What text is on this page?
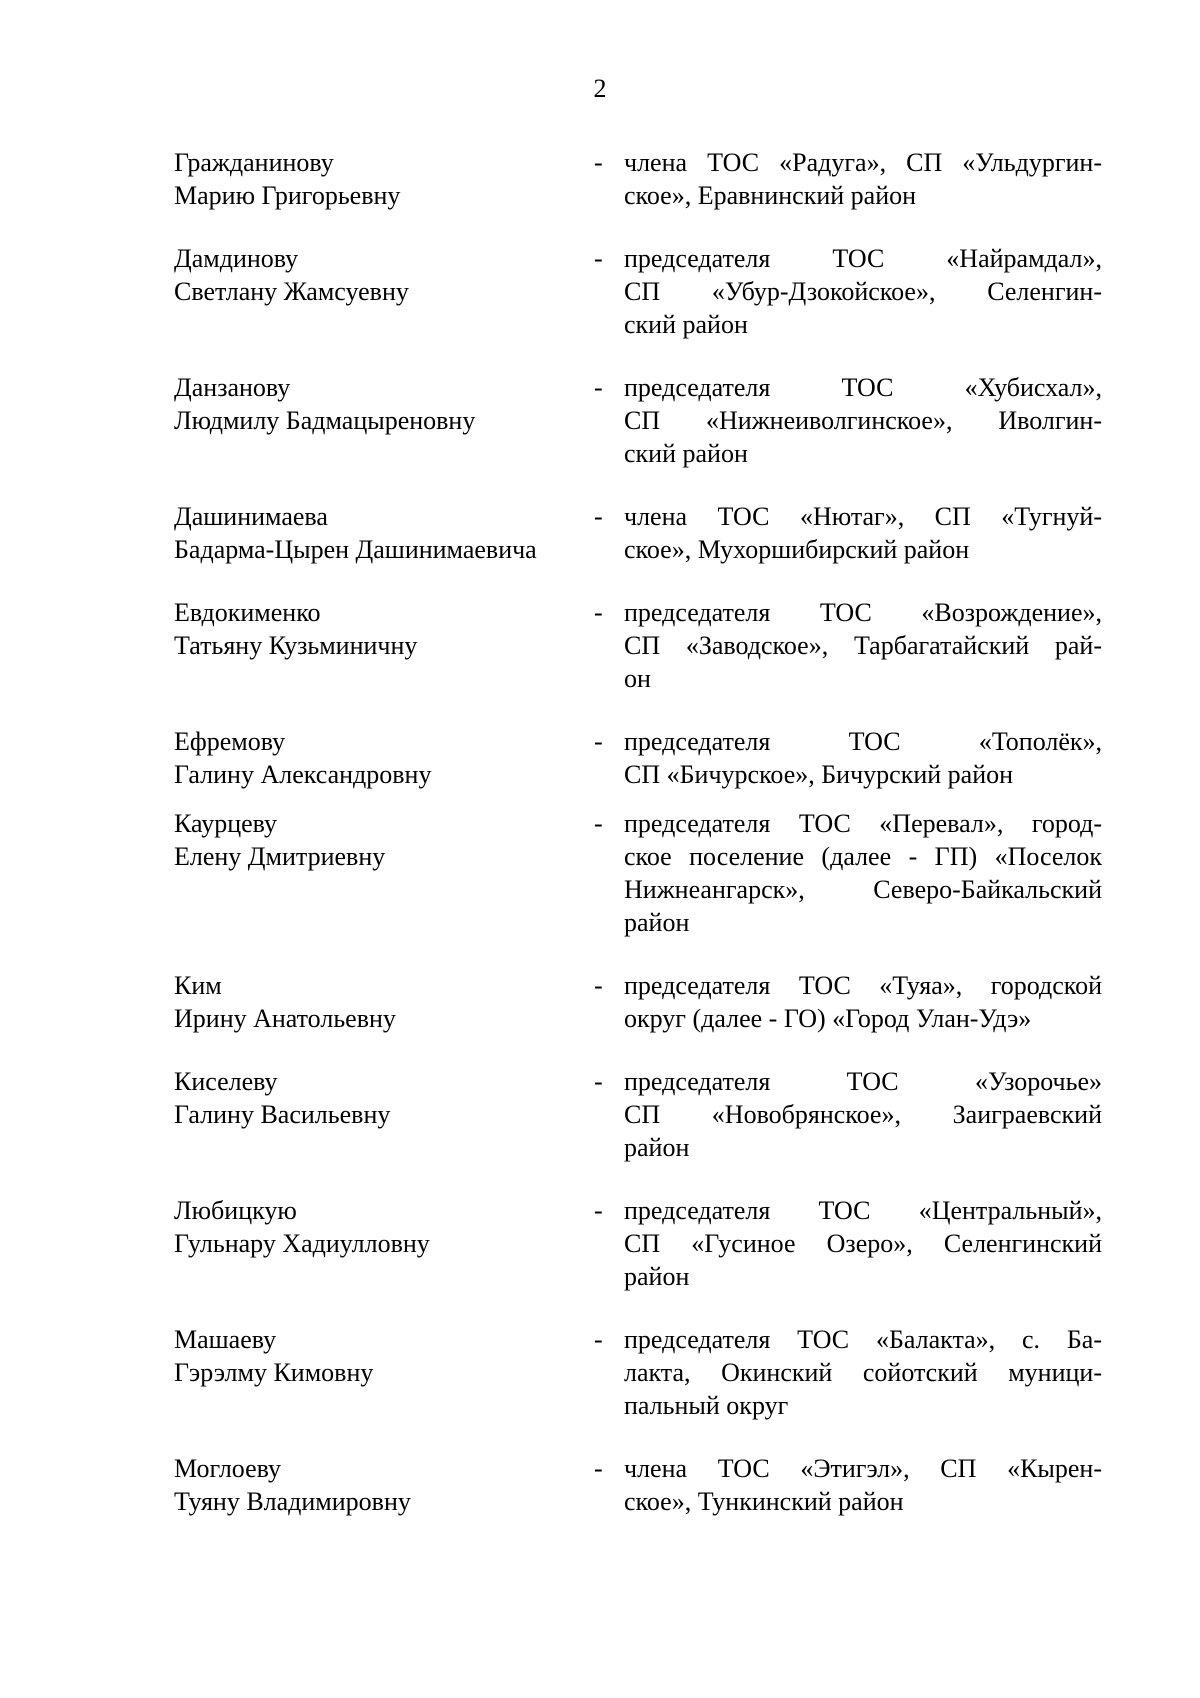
2
Гражданинову
Марию Григорьевну
- члена ТОС «Радуга», СП «Ульдургин-
ское», Еравнинский район
Дамдинову
Светлану Жамсуевну
- председателя ТОС «Найрамдал»,
СП «Убур-Дзокойское», Селенгин-
ский район
Данзанову
Людмилу Бадмацыреновну
- председателя ТОС «Хубисхал»,
СП «Нижнеиволгинское», Иволгин-
ский район
Дашинимаева
Бадарма-Цырен Дашинимаевича
- члена ТОС «Нютаг», СП «Тугнуй-
ское», Мухоршибирский район
Евдокименко
Татьяну Кузьминичну
- председателя ТОС «Возрождение»,
СП «Заводское», Тарбагатайский рай-
он
Ефремову
Галину Александровну
- председателя ТОС «Тополёк»,
СП «Бичурское», Бичурский район
Каурцеву
Елену Дмитриевну
- председателя ТОС «Перевал», город-
ское поселение (далее - ГП) «Поселок
Нижнеангарск», Северо-Байкальский
район
Ким
Ирину Анатольевну
- председателя ТОС «Туяа», городской
округ (далее - ГО) «Город Улан-Удэ»
Киселеву
Галину Васильевну
- председателя ТОС «Узорочье»
СП «Новобрянское», Заиграевский
район
Любицкую
Гульнару Хадиулловну
- председателя ТОС «Центральный»,
СП «Гусиное Озеро», Селенгинский
район
Машаеву
Гэрэлму Кимовну
- председателя ТОС «Балакта», с. Ба-
лакта, Окинский сойотский муници-
пальный округ
Моглоеву
Туяну Владимировну
- члена ТОС «Этигэл», СП «Кырен-
ское», Тункинский район
